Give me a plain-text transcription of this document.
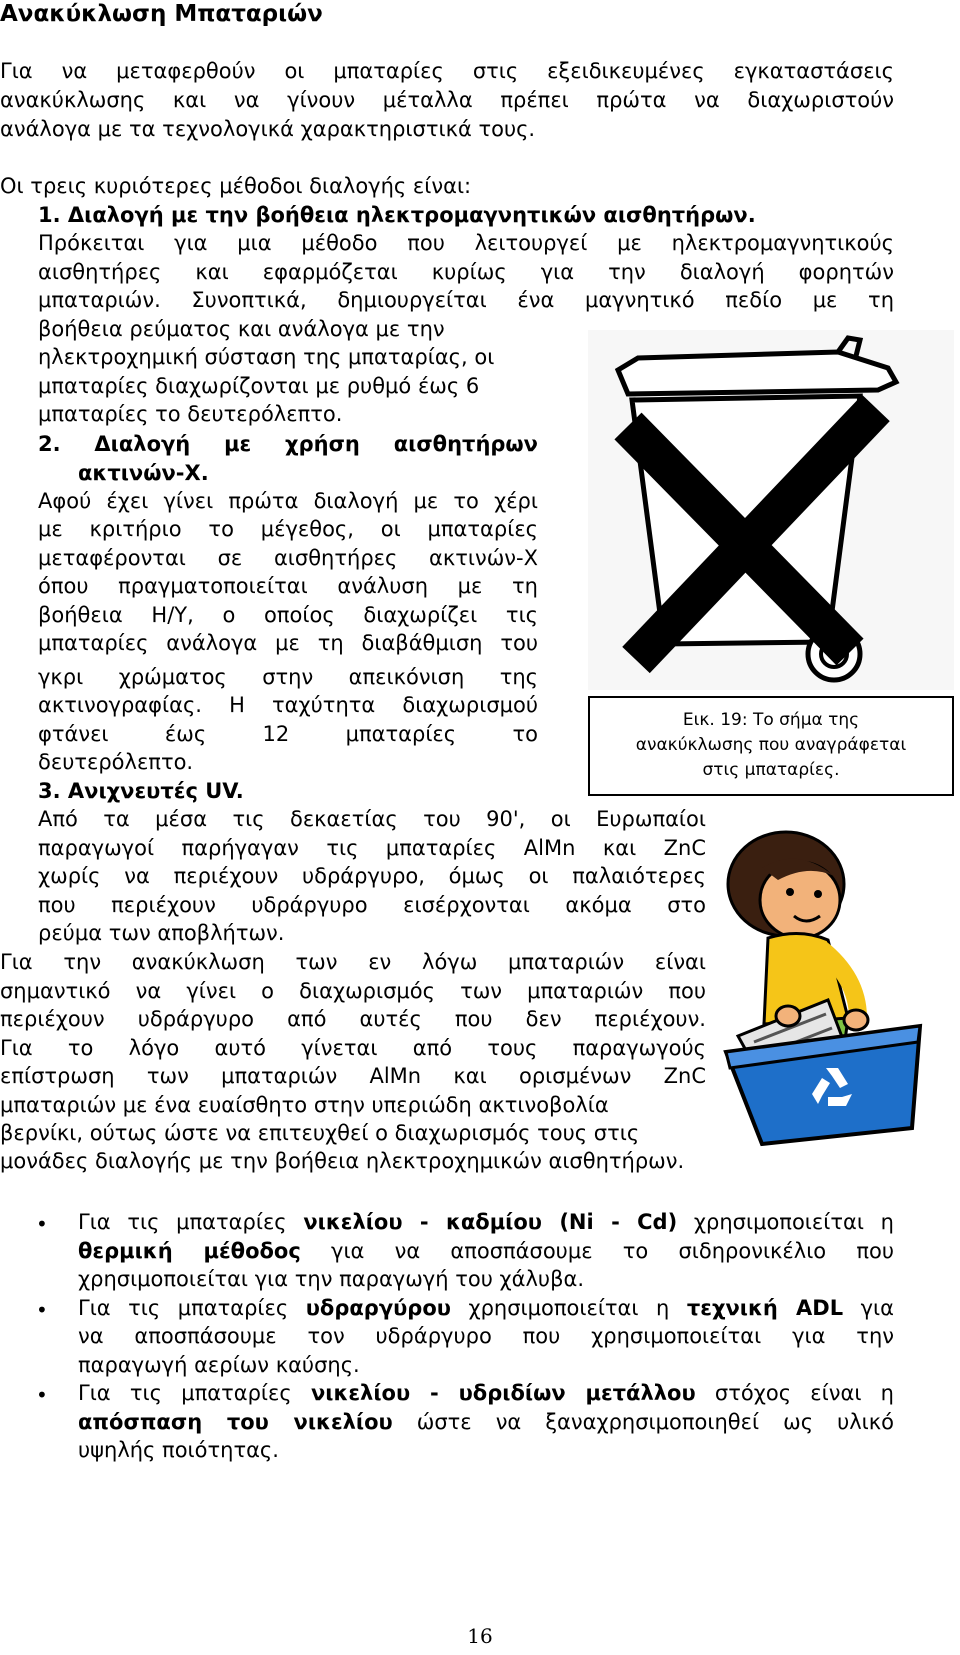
Ανακύκλωση Μπαταριών
Για να μεταφερθούν οι μπαταρίες στις εξειδικευμένες εγκαταστάσεις
ανακύκλωσης και να γίνουν μέταλλα πρέπει πρώτα να διαχωριστούν
ανάλογα με τα τεχνολογικά χαρακτηριστικά τους.
Οι τρεις κυριότερες μέθοδοι διαλογής είναι:
1. Διαλογή με την βοήθεια ηλεκτρομαγνητικών αισθητήρων.
Πρόκειται για μια μέθοδο που λειτουργεί με ηλεκτρομαγνητικούς
αισθητήρες και εφαρμόζεται κυρίως για την διαλογή φορητών
μπαταριών. Συνοπτικά, δημιουργείται ένα μαγνητικό πεδίο με τη
βοήθεια ρεύματος και ανάλογα με την
ηλεκτροχημική σύσταση της μπαταρίας, οι
μπαταρίες διαχωρίζονται με ρυθμό έως 6
μπαταρίες το δευτερόλεπτο.
2. Διαλογή με χρήση αισθητήρων
ακτινών-Χ.
Αφού έχει γίνει πρώτα διαλογή με το χέρι
με κριτήριο το μέγεθος, οι μπαταρίες
μεταφέρονται σε αισθητήρες ακτινών-Χ
όπου πραγματοποιείται ανάλυση με τη
βοήθεια Η/Υ, ο οποίος διαχωρίζει τις
μπαταρίες ανάλογα με τη διαβάθμιση του
γκρι χρώματος στην απεικόνιση της
ακτινογραφίας. Η ταχύτητα διαχωρισμού
φτάνει έως 12 μπαταρίες το
δευτερόλεπτο.
3. Ανιχνευτές UV.
Από τα μέσα τις δεκαετίας του 90', οι Ευρωπαίοι
παραγωγοί παρήγαγαν τις μπαταρίες AlMn και ZnC
χωρίς να περιέχουν υδράργυρο, όμως οι παλαιότερες
που περιέχουν υδράργυρο εισέρχονται ακόμα στο
ρεύμα των αποβλήτων.
Για την ανακύκλωση των εν λόγω μπαταριών είναι
σημαντικό να γίνει ο διαχωρισμός των μπαταριών που
περιέχουν υδράργυρο από αυτές που δεν περιέχουν.
Για το λόγο αυτό γίνεται από τους παραγωγούς
επίστρωση των μπαταριών AlMn και ορισμένων ZnC
μπαταριών με ένα ευαίσθητο στην υπεριώδη ακτινοβολία
βερνίκι, ούτως ώστε να επιτευχθεί ο διαχωρισμός τους στις
μονάδες διαλογής με την βοήθεια ηλεκτροχημικών αισθητήρων.
Εικ. 19: Το σήμα της
ανακύκλωσης που αναγράφεται
στις μπαταρίες.
• Για τις μπαταρίες νικελίου - καδμίου (Ni - Cd) χρησιμοποιείται η
θερμική μέθοδος για να αποσπάσουμε το σιδηρονικέλιο που
χρησιμοποιείται για την παραγωγή του χάλυβα.
• Για τις μπαταρίες υδραργύρου χρησιμοποιείται η τεχνική ADL για
να αποσπάσουμε τον υδράργυρο που χρησιμοποιείται για την
παραγωγή αερίων καύσης.
• Για τις μπαταρίες νικελίου - υδριδίων μετάλλου στόχος είναι η
απόσπαση του νικελίου ώστε να ξαναχρησιμοποιηθεί ως υλικό
υψηλής ποιότητας.
16
